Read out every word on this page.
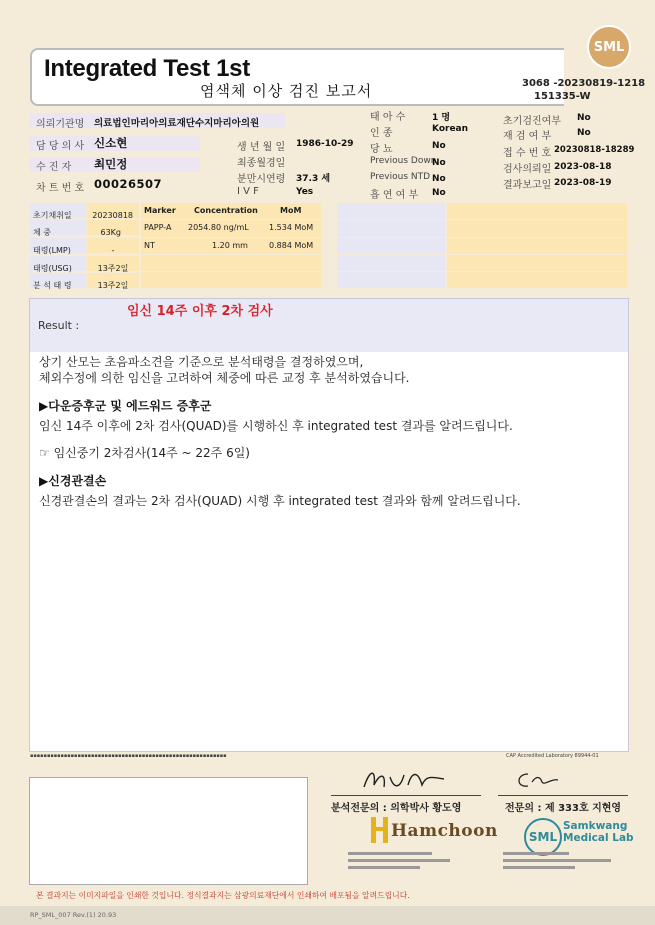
SML
Integrated Test 1st
염색체 이상 검진 보고서	3068 -20230819-1218
151335-W
의뢰기관명 의료법인마리아의료재단수지마리아의원
담 당 의 사 신소현
수 진 자 최민정
차 트 번 호 00026507
생 년 월 일 1986-10-29
최종월경일
분만시연령 37.3 세
I V F	Yes
태 아 수	1 명
인 종	Korean
당 뇨	No
Previous Down
No
Previous NTD No
흡 연 여 부 No
초기검진여부 No
재 검 여 부	No
접 수 번 호 20230818-18289
검사의뢰일 2023-08-18
결과보고일 2023-08-19
초기채취일	20230818
체 중	63Kg
태령(LMP)	-
태령(USG)	13주2일
분 석 태 령	13주2일
Marker Concentration	MoM
PAPP-A 2054.80 ng/mL	1.534 MoM
NT	1.20 mm	0.884 MoM
Result :
임신 14주 이후 2차 검사
상기 산모는 초음파소견을 기준으로 분석태령을 결정하였으며,
체외수정에 의한 임신을 고려하여 체중에 따른 교정 후 분석하였습니다.
▶다운증후군 및 에드워드 증후군
임신 14주 이후에 2차 검사(QUAD)를 시행하신 후 integrated test 결과를 알려드립니다.
☞ 임신중기 2차검사(14주 ~ 22주 6일)
▶신경관결손
신경관결손의 결과는 2차 검사(QUAD) 시행 후 integrated test 결과와 함께 알려드립니다.
▪▪▪▪▪▪▪▪▪▪▪▪▪▪▪▪▪▪▪▪▪▪▪▪▪▪▪▪▪▪▪▪▪▪▪▪▪▪▪▪▪▪▪▪▪▪▪▪▪▪▪▪▪▪▪▪▪▪	CAP Accredited Laboratory 89944-01
분석전문의 : 의학박사 황도영	전문의 : 제 333호 지현영
Hamchoon	SML
Samkwang
Medical Lab
본 결과지는 이미지파일을 인쇄한 것입니다. 정식결과지는 삼광의료재단에서 인쇄하여 배포됨을 알려드립니다.
RP_SML_007 Rev.(1) 20.93
